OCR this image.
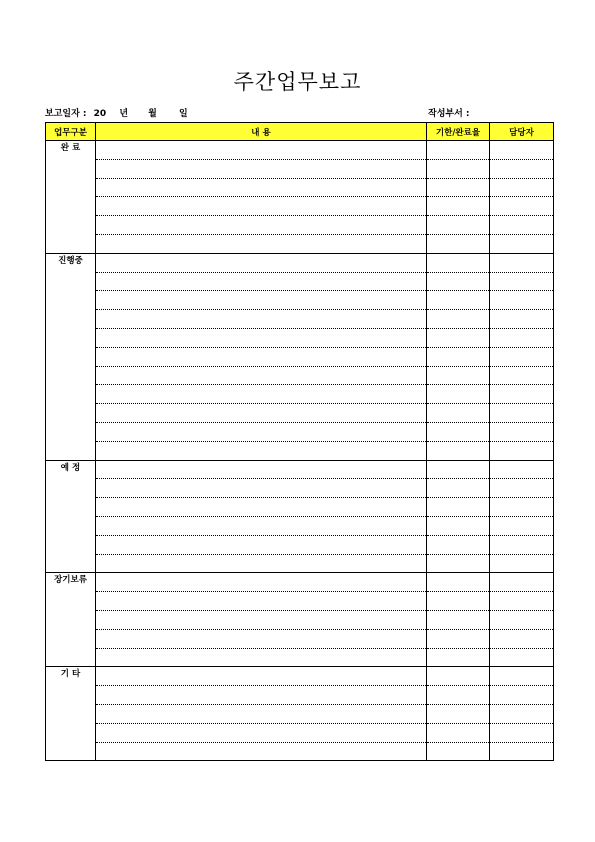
주간업무보고
보고일자 : 20 년 월 일	작성부서 :
업무구분	내 용	기한/완료율	담당자
완 료			

진행중			

예 정			

장기보류			

기 타			
